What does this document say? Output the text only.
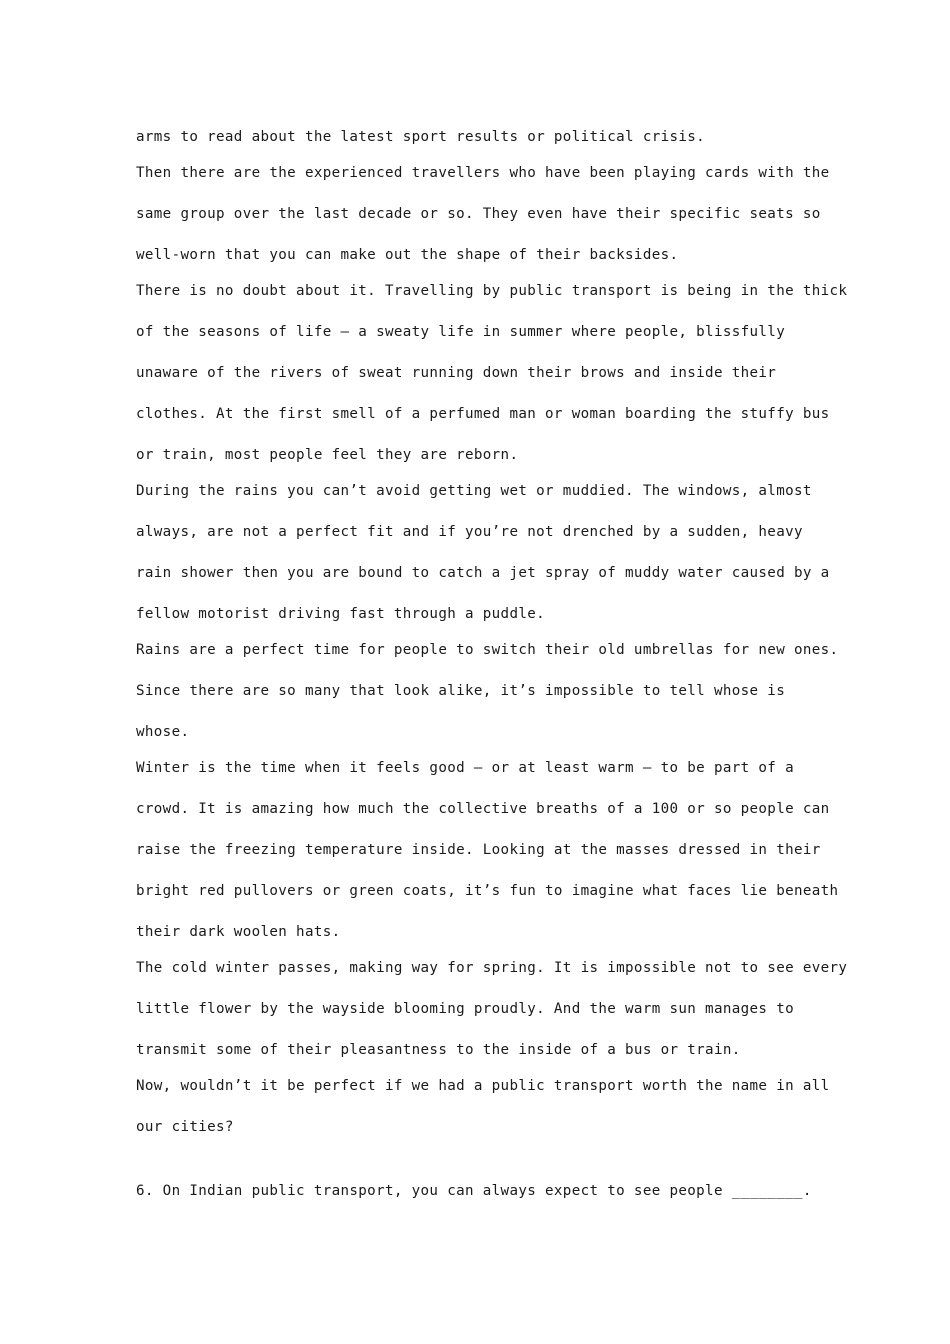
arms to read about the latest sport results or political crisis.
Then there are the experienced travellers who have been playing cards with the
same group over the last decade or so. They even have their specific seats so
well-worn that you can make out the shape of their backsides.
There is no doubt about it. Travelling by public transport is being in the thick
of the seasons of life — a sweaty life in summer where people, blissfully
unaware of the rivers of sweat running down their brows and inside their
clothes. At the first smell of a perfumed man or woman boarding the stuffy bus
or train, most people feel they are reborn.
During the rains you can’t avoid getting wet or muddied. The windows, almost
always, are not a perfect fit and if you’re not drenched by a sudden, heavy
rain shower then you are bound to catch a jet spray of muddy water caused by a
fellow motorist driving fast through a puddle.
Rains are a perfect time for people to switch their old umbrellas for new ones.
Since there are so many that look alike, it’s impossible to tell whose is
whose.
Winter is the time when it feels good — or at least warm — to be part of a
crowd. It is amazing how much the collective breaths of a 100 or so people can
raise the freezing temperature inside. Looking at the masses dressed in their
bright red pullovers or green coats, it’s fun to imagine what faces lie beneath
their dark woolen hats.
The cold winter passes, making way for spring. It is impossible not to see every
little flower by the wayside blooming proudly. And the warm sun manages to
transmit some of their pleasantness to the inside of a bus or train.
Now, wouldn’t it be perfect if we had a public transport worth the name in all
our cities?
6. On Indian public transport, you can always expect to see people ________.
